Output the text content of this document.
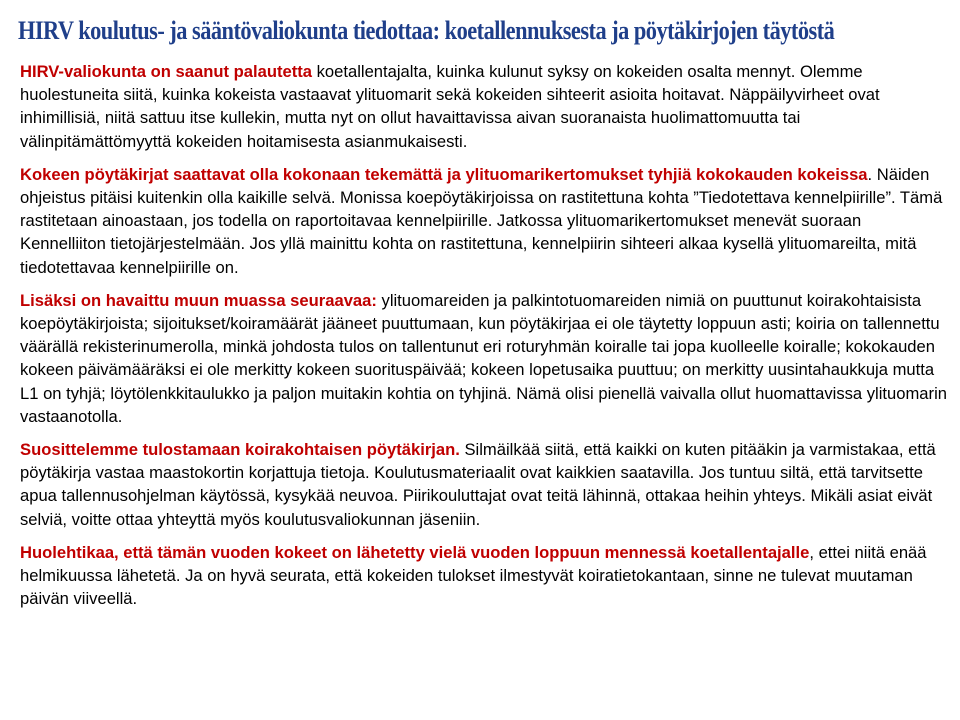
HIRV koulutus- ja sääntövaliokunta tiedottaa: koetallennuksesta ja pöytäkirjojen täytöstä

HIRV-valiokunta on saanut palautetta koetallentajalta, kuinka kulunut syksy on kokeiden osalta mennyt. Olemme huolestuneita siitä, kuinka kokeista vastaavat ylituomarit sekä kokeiden sihteerit asioita hoitavat. Näppäilyvirheet ovat inhimillisiä, niitä sattuu itse kullekin, mutta nyt on ollut havaittavissa aivan suoranaista huolimattomuutta tai välinpitämättömyyttä kokeiden hoitamisesta asianmukaisesti.

Kokeen pöytäkirjat saattavat olla kokonaan tekemättä ja ylituomarikertomukset tyhjiä kokokauden kokeissa. Näiden ohjeistus pitäisi kuitenkin olla kaikille selvä. Monissa koepöytäkirjoissa on rastitettuna kohta ”Tiedotettava kennelpiirille”. Tämä rastitetaan ainoastaan, jos todella on raportoitavaa kennelpiirille. Jatkossa ylituomarikertomukset menevät suoraan Kennelliiton tietojärjestelmään. Jos yllä mainittu kohta on rastitettuna, kennelpiirin sihteeri alkaa kysellä ylituomareilta, mitä tiedotettavaa kennelpiirille on.

Lisäksi on havaittu muun muassa seuraavaa: ylituomareiden ja palkintotuomareiden nimiä on puuttunut koirakohtaisista koepöytäkirjoista; sijoitukset/koiramäärät jääneet puuttumaan, kun pöytäkirjaa ei ole täytetty loppuun asti; koiria on tallennettu väärällä rekisterinumerolla, minkä johdosta tulos on tallentunut eri roturyhmän koiralle tai jopa kuolleelle koiralle; kokokauden kokeen päivämääräksi ei ole merkitty kokeen suorituspäivää; kokeen lopetusaika puuttuu; on merkitty uusintahaukkuja mutta L1 on tyhjä; löytölenkkitaulukko ja paljon muitakin kohtia on tyhjinä. Nämä olisi pienellä vaivalla ollut huomattavissa ylituomarin vastaanotolla.

Suosittelemme tulostamaan koirakohtaisen pöytäkirjan. Silmäilkää siitä, että kaikki on kuten pitääkin ja varmistakaa, että pöytäkirja vastaa maastokortin korjattuja tietoja. Koulutusmateriaalit ovat kaikkien saatavilla. Jos tuntuu siltä, että tarvitsette apua tallennusohjelman käytössä, kysykää neuvoa. Piirikouluttajat ovat teitä lähinnä, ottakaa heihin yhteys. Mikäli asiat eivät selviä, voitte ottaa yhteyttä myös koulutusvaliokunnan jäseniin.

Huolehtikaa, että tämän vuoden kokeet on lähetetty vielä vuoden loppuun mennessä koetallentajalle, ettei niitä enää helmikuussa lähetetä. Ja on hyvä seurata, että kokeiden tulokset ilmestyvät koiratietokantaan, sinne ne tulevat muutaman päivän viiveellä.
